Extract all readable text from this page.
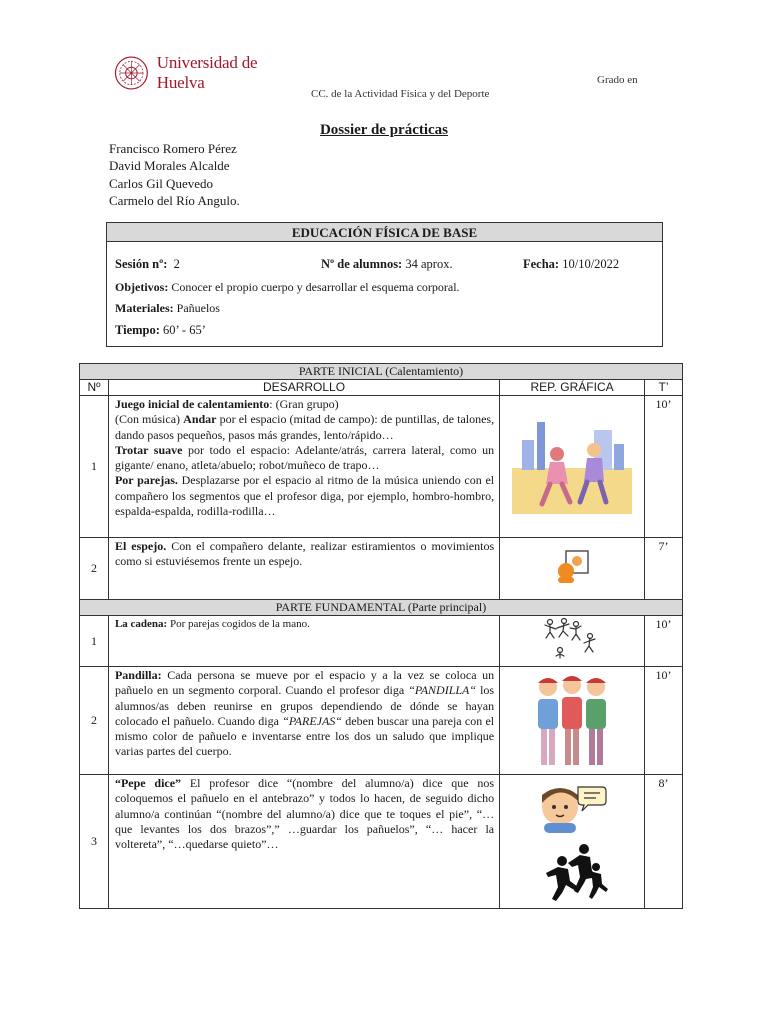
Universidad de Huelva	Grado en
CC. de la Actividad Física y del Deporte
Dossier de prácticas
Francisco Romero Pérez
David Morales Alcalde
Carlos Gil Quevedo
Carmelo del Río Angulo.
EDUCACIÓN FÍSICA DE BASE
Sesión nº: 2	Nº de alumnos: 34 aprox.	Fecha: 10/10/2022
Objetivos: Conocer el propio cuerpo y desarrollar el esquema corporal.
Materiales: Pañuelos
Tiempo: 60’ - 65’
PARTE INICIAL (Calentamiento)			
Nº	DESARROLLO	REP. GRÁFICA	T’
1	Juego inicial de calentamiento: (Gran grupo)
(Con música) Andar por el espacio (mitad de campo): de puntillas, de talones, dando pasos pequeños, pasos más grandes, lento/rápido…
Trotar suave por todo el espacio: Adelante/atrás, carrera lateral, como un gigante/ enano, atleta/abuelo; robot/muñeco de trapo…
Por parejas. Desplazarse por el espacio al ritmo de la música uniendo con el compañero los segmentos que el profesor diga, por ejemplo, hombro-hombro, espalda-espalda, rodilla-rodilla…		10’
2	El espejo. Con el compañero delante, realizar estiramientos o movimientos como si estuviésemos frente un espejo.		7’
PARTE FUNDAMENTAL (Parte principal)			
1	La cadena: Por parejas cogidos de la mano.		10’
2	Pandilla: Cada persona se mueve por el espacio y a la vez se coloca un pañuelo en un segmento corporal. Cuando el profesor diga “PANDILLA“ los alumnos/as deben reunirse en grupos dependiendo de dónde se hayan colocado el pañuelo. Cuando diga “PAREJAS“ deben buscar una pareja con el mismo color de pañuelo e inventarse entre los dos un saludo que implique varias partes del cuerpo.		10’
3	“Pepe dice” El profesor dice “(nombre del alumno/a) dice que nos coloquemos el pañuelo en el antebrazo” y todos lo hacen, de seguido dicho alumno/a continúan “(nombre del alumno/a) dice que te toques el pie”, “… que levantes los dos brazos”,” …guardar los pañuelos”, “… hacer la voltereta”, “…quedarse quieto”…		8’
